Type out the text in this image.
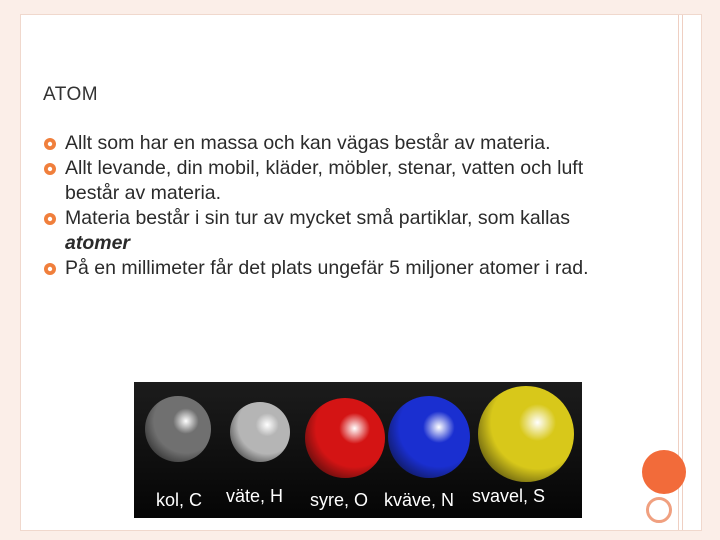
ATOM
Allt som har en massa och kan vägas består av materia.
Allt levande, din mobil, kläder, möbler, stenar, vatten och luft består av materia.
Materia består i sin tur av mycket små partiklar, som kallas atomer
På en millimeter får det plats ungefär 5 miljoner atomer i rad.
kol, C väte, H syre, O kväve, N svavel, S
